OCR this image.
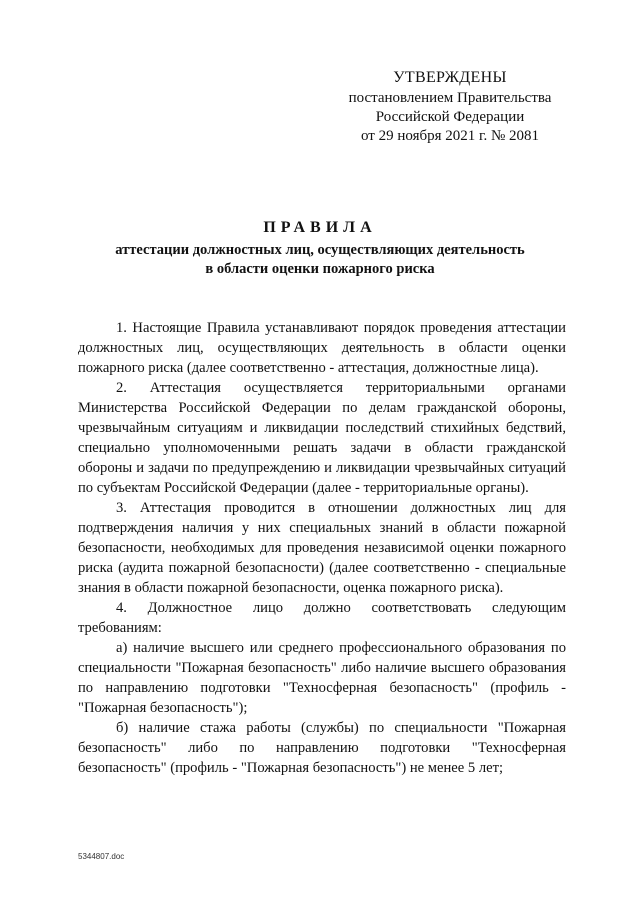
УТВЕРЖДЕНЫ
постановлением Правительства
Российской Федерации
от 29 ноября 2021 г. № 2081
ПРАВИЛА
аттестации должностных лиц, осуществляющих деятельность
в области оценки пожарного риска

1. Настоящие Правила устанавливают порядок проведения аттестации должностных лиц, осуществляющих деятельность в области оценки пожарного риска (далее соответственно - аттестация, должностные лица).

2. Аттестация осуществляется территориальными органами Министерства Российской Федерации по делам гражданской обороны, чрезвычайным ситуациям и ликвидации последствий стихийных бедствий, специально уполномоченными решать задачи в области гражданской обороны и задачи по предупреждению и ликвидации чрезвычайных ситуаций по субъектам Российской Федерации (далее - территориальные органы).

3. Аттестация проводится в отношении должностных лиц для подтверждения наличия у них специальных знаний в области пожарной безопасности, необходимых для проведения независимой оценки пожарного риска (аудита пожарной безопасности) (далее соответственно - специальные знания в области пожарной безопасности, оценка пожарного риска).

4. Должностное лицо должно соответствовать следующим требованиям:

а) наличие высшего или среднего профессионального образования по специальности "Пожарная безопасность" либо наличие высшего образования по направлению подготовки "Техносферная безопасность" (профиль - "Пожарная безопасность");

б) наличие стажа работы (службы) по специальности "Пожарная безопасность" либо по направлению подготовки "Техносферная безопасность" (профиль - "Пожарная безопасность") не менее 5 лет;

5344807.doc
